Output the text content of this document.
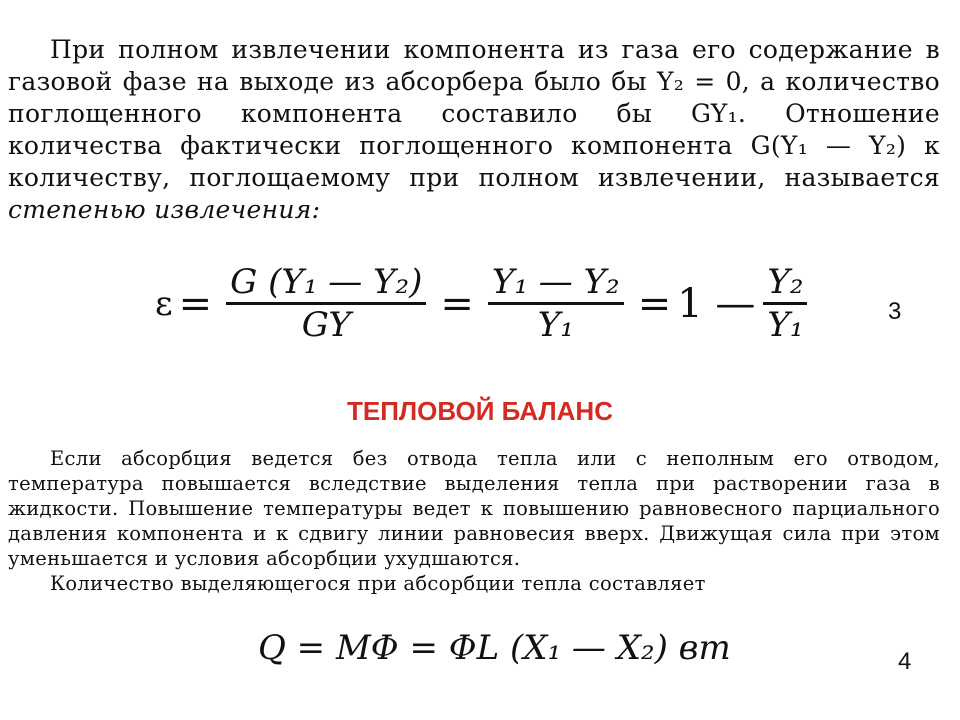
При полном извлечении компонента из газа его содержание в газовой фазе на выходе из абсорбера было бы Y₂ = 0, а количество поглощенного компонента составило бы GY₁. Отношение количества фактически поглощенного компонента G(Y₁ — Y₂) к количеству, поглощаемому при полном извлечении, называется степенью извлечения:
$\varepsilon = \frac{\text{G (Y₁ — Y₂)}}{GY} = \frac{\text{Y₁ — Y₂}}{\text{Y₁}} = 1$ — $\frac{\text{Y₂}}{\text{Y₁}}$	3
ТЕПЛОВОЙ БАЛАНС
Если абсорбция ведется без отвода тепла или с неполным его отводом, температура повышается вследствие выделения тепла при растворении газа в жидкости. Повышение температуры ведет к повышению равновесного парциального давления компонента и к сдвигу линии равновесия вверх. Движущая сила при этом уменьшается и условия абсорбции ухудшаются.
Количество выделяющегося при абсорбции тепла составляет
Q = MΦ = ΦL (X₁ — X₂) вт	4
